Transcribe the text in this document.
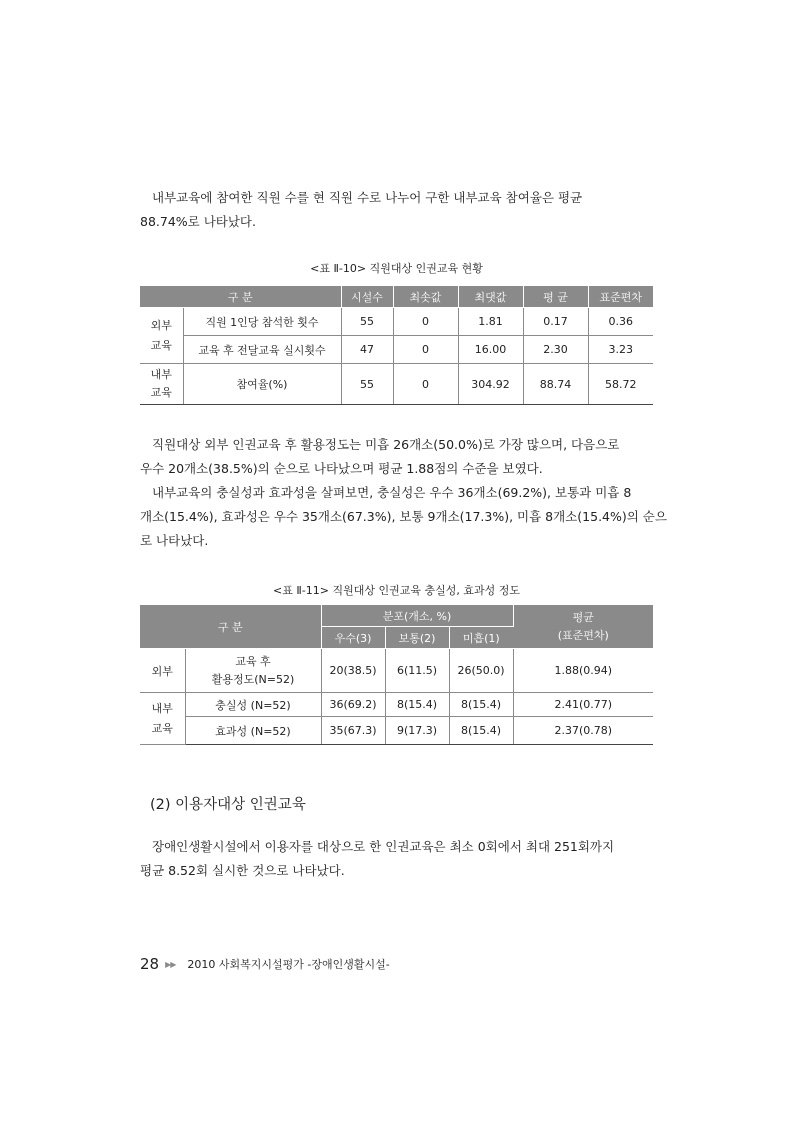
내부교육에 참여한 직원 수를 현 직원 수로 나누어 구한 내부교육 참여율은 평균
88.74%로 나타났다.

<표 Ⅱ-10> 직원대상 인권교육 현황

구 분		시설수	최솟값	최댓값	평 균	표준편차
외부
교육	직원 1인당 참석한 횟수	55	0	1.81	0.17	0.36
	교육 후 전달교육 실시횟수	47	0	16.00	2.30	3.23
내부
교육	참여율(%)	55	0	304.92	88.74	58.72

직원대상 외부 인권교육 후 활용정도는 미흡 26개소(50.0%)로 가장 많으며, 다음으로
우수 20개소(38.5%)의 순으로 나타났으며 평균 1.88점의 수준을 보였다.
내부교육의 충실성과 효과성을 살펴보면, 충실성은 우수 36개소(69.2%), 보통과 미흡 8
개소(15.4%), 효과성은 우수 35개소(67.3%), 보통 9개소(17.3%), 미흡 8개소(15.4%)의 순으
로 나타났다.

<표 Ⅱ-11> 직원대상 인권교육 충실성, 효과성 정도

구 분		분포(개소, %)			평균
(표준편차)
		우수(3)	보통(2)	미흡(1)	
외부	교육 후
활용정도(N=52)	20(38.5)	6(11.5)	26(50.0)	1.88(0.94)
내부
교육	충실성 (N=52)	36(69.2)	8(15.4)	8(15.4)	2.41(0.77)
	효과성 (N=52)	35(67.3)	9(17.3)	8(15.4)	2.37(0.78)
(2) 이용자대상 인권교육

장애인생활시설에서 이용자를 대상으로 한 인권교육은 최소 0회에서 최대 251회까지
평균 8.52회 실시한 것으로 나타났다.

28 ▶▶ 2010 사회복지시설평가 -장애인생활시설-
